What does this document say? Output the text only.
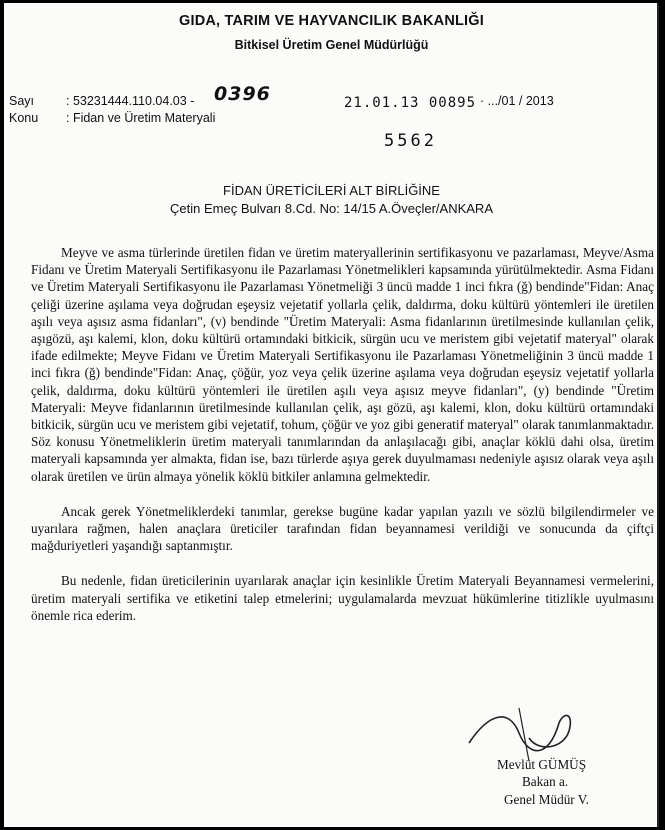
GIDA, TARIM VE HAYVANCILIK BAKANLIĞI
Bitkisel Üretim Genel Müdürlüğü
Sayı	: 53231444.110.04.03 - 0396
Konu : Fidan ve Üretim Materyali
21.01.13 00895 · .../01 / 2013
5562
FİDAN ÜRETİCİLERİ ALT BİRLİĞİNE
Çetin Emeç Bulvarı 8.Cd. No: 14/15 A.Öveçler/ANKARA

Meyve ve asma türlerinde üretilen fidan ve üretim materyallerinin sertifikasyonu ve pazarlaması, Meyve/Asma Fidanı ve Üretim Materyali Sertifikasyonu ile Pazarlaması Yönetmelikleri kapsamında yürütülmektedir. Asma Fidanı ve Üretim Materyali Sertifikasyonu ile Pazarlaması Yönetmeliği 3 üncü madde 1 inci fıkra (ğ) bendinde"Fidan: Anaç çeliği üzerine aşılama veya doğrudan eşeysiz vejetatif yollarla çelik, daldırma, doku kültürü yöntemleri ile üretilen aşılı veya aşısız asma fidanları", (v) bendinde "Üretim Materyali: Asma fidanlarının üretilmesinde kullanılan çelik, aşıgözü, aşı kalemi, klon, doku kültürü ortamındaki bitkicik, sürgün ucu ve meristem gibi vejetatif materyal" olarak ifade edilmekte; Meyve Fidanı ve Üretim Materyali Sertifikasyonu ile Pazarlaması Yönetmeliğinin 3 üncü madde 1 inci fıkra (ğ) bendinde"Fidan: Anaç, çöğür, yoz veya çelik üzerine aşılama veya doğrudan eşeysiz vejetatif yollarla çelik, daldırma, doku kültürü yöntemleri ile üretilen aşılı veya aşısız meyve fidanları", (y) bendinde "Üretim Materyali: Meyve fidanlarının üretilmesinde kullanılan çelik, aşı gözü, aşı kalemi, klon, doku kültürü ortamındaki bitkicik, sürgün ucu ve meristem gibi vejetatif, tohum, çöğür ve yoz gibi generatif materyal" olarak tanımlanmaktadır. Söz konusu Yönetmeliklerin üretim materyali tanımlarından da anlaşılacağı gibi, anaçlar köklü dahi olsa, üretim materyali kapsamında yer almakta, fidan ise, bazı türlerde aşıya gerek duyulmaması nedeniyle aşısız olarak veya aşılı olarak üretilen ve ürün almaya yönelik köklü bitkiler anlamına gelmektedir.

Ancak gerek Yönetmeliklerdeki tanımlar, gerekse bugüne kadar yapılan yazılı ve sözlü bilgilendirmeler ve uyarılara rağmen, halen anaçlara üreticiler tarafından fidan beyannamesi verildiği ve sonucunda da çiftçi mağduriyetleri yaşandığı saptanmıştır.

Bu nedenle, fidan üreticilerinin uyarılarak anaçlar için kesinlikle Üretim Materyali Beyannamesi vermelerini, üretim materyali sertifika ve etiketini talep etmelerini; uygulamalarda mevzuat hükümlerine titizlikle uyulmasını önemle rica ederim.

Mevlüt GÜMÜŞ
Bakan a.
Genel Müdür V.
